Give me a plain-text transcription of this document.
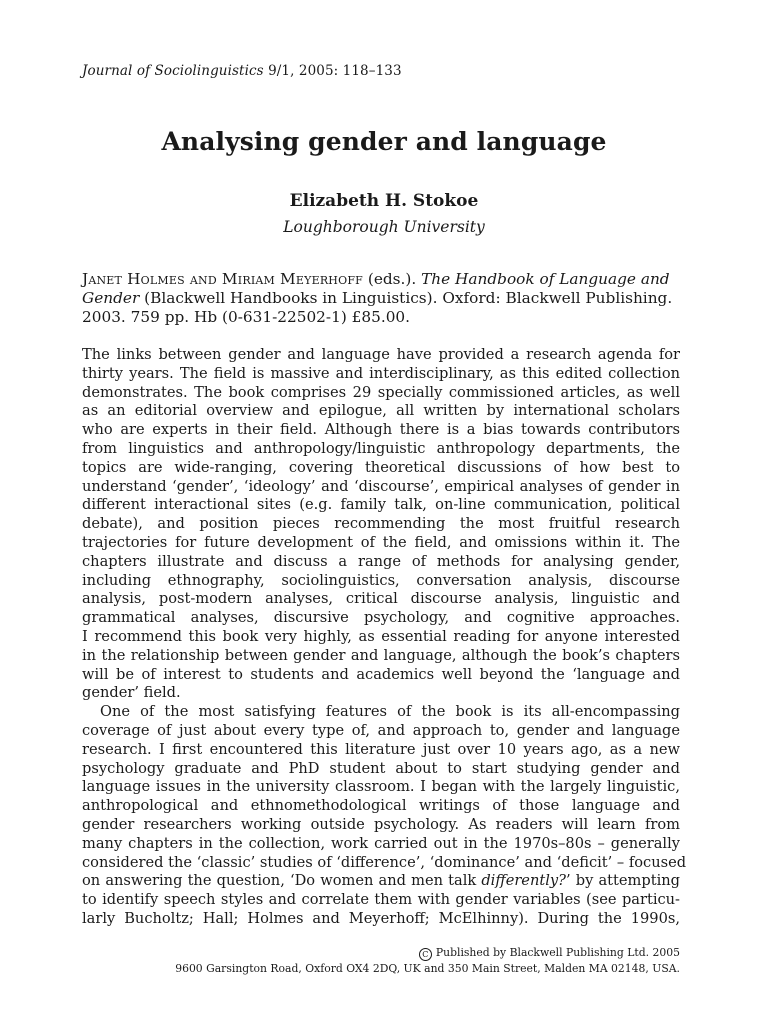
Journal of Sociolinguistics 9/1, 2005: 118–133
Analysing gender and language
Elizabeth H. Stokoe
Loughborough University
Janet Holmes and Miriam Meyerhoff (eds.). The Handbook of Language and Gender (Blackwell Handbooks in Linguistics). Oxford: Blackwell Publishing.
2003. 759 pp. Hb (0-631-22502-1) £85.00.
The links between gender and language have provided a research agenda for
thirty years. The field is massive and interdisciplinary, as this edited collection
demonstrates. The book comprises 29 specially commissioned articles, as well
as an editorial overview and epilogue, all written by international scholars
who are experts in their field. Although there is a bias towards contributors
from linguistics and anthropology/linguistic anthropology departments, the
topics are wide-ranging, covering theoretical discussions of how best to
understand ‘gender’, ‘ideology’ and ‘discourse’, empirical analyses of gender in
different interactional sites (e.g. family talk, on-line communication, political
debate), and position pieces recommending the most fruitful research
trajectories for future development of the field, and omissions within it. The
chapters illustrate and discuss a range of methods for analysing gender,
including ethnography, sociolinguistics, conversation analysis, discourse
analysis, post-modern analyses, critical discourse analysis, linguistic and
grammatical analyses, discursive psychology, and cognitive approaches.
I recommend this book very highly, as essential reading for anyone interested
in the relationship between gender and language, although the book’s chapters
will be of interest to students and academics well beyond the ‘language and
gender’ field.
One of the most satisfying features of the book is its all-encompassing
coverage of just about every type of, and approach to, gender and language
research. I first encountered this literature just over 10 years ago, as a new
psychology graduate and PhD student about to start studying gender and
language issues in the university classroom. I began with the largely linguistic,
anthropological and ethnomethodological writings of those language and
gender researchers working outside psychology. As readers will learn from
many chapters in the collection, work carried out in the 1970s–80s – generally
considered the ‘classic’ studies of ‘difference’, ‘dominance’ and ‘deficit’ – focused
on answering the question, ‘Do women and men talk differently?’ by attempting
to identify speech styles and correlate them with gender variables (see particu-
larly Bucholtz; Hall; Holmes and Meyerhoff; McElhinny). During the 1990s,
C Published by Blackwell Publishing Ltd. 2005
9600 Garsington Road, Oxford OX4 2DQ, UK and 350 Main Street, Malden MA 02148, USA.
